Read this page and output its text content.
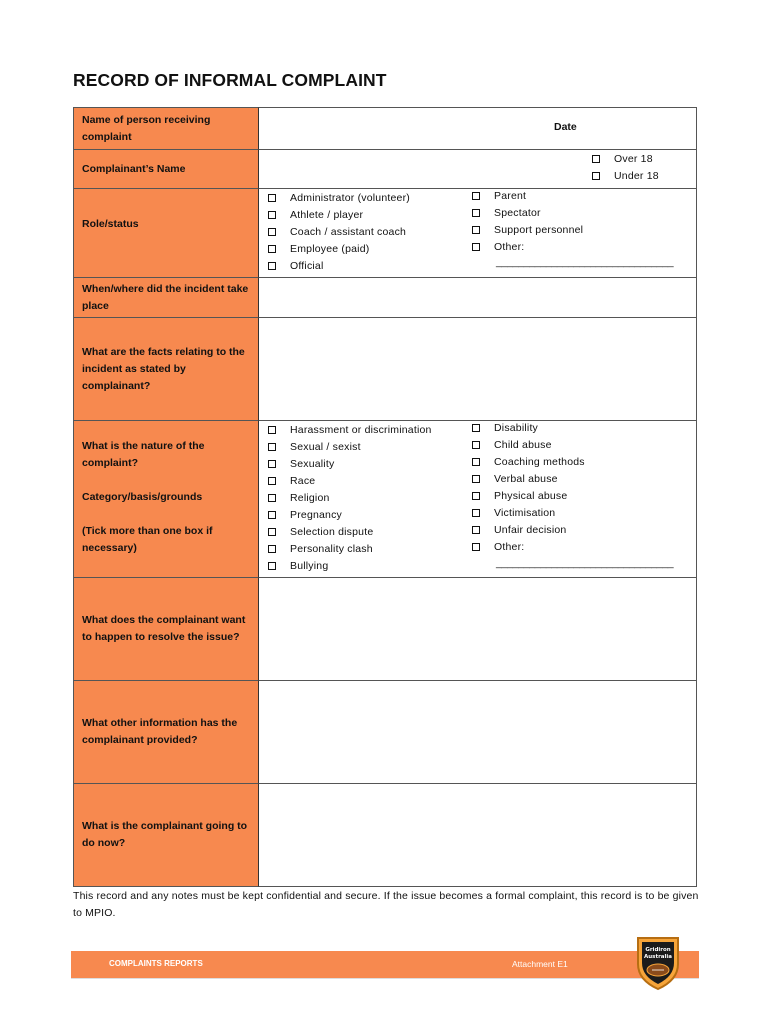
RECORD OF INFORMAL COMPLAINT
Name of person receiving complaint
Date
Complainant’s Name
Over 18
Under 18
Role/status
Administrator (volunteer)
Athlete / player
Coach / assistant coach
Employee (paid)
Official
Parent
Spectator
Support personnel
Other:
________________________________
When/where did the incident take place
What are the facts relating to the incident as stated by complainant?
What is the nature of the complaint?
Category/basis/grounds
(Tick more than one box if necessary)
Harassment or discrimination
Sexual / sexist
Sexuality
Race
Religion
Pregnancy
Selection dispute
Personality clash
Bullying
Disability
Child abuse
Coaching methods
Verbal abuse
Physical abuse
Victimisation
Unfair decision
Other:
________________________________
What does the complainant want to happen to resolve the issue?
What other information has the complainant provided?
What is the complainant going to do now?
This record and any notes must be kept confidential and secure. If the issue becomes a formal complaint, this record is to be given to MPIO.
COMPLAINTS REPORTS	Attachment E1
Gridiron
Australia
